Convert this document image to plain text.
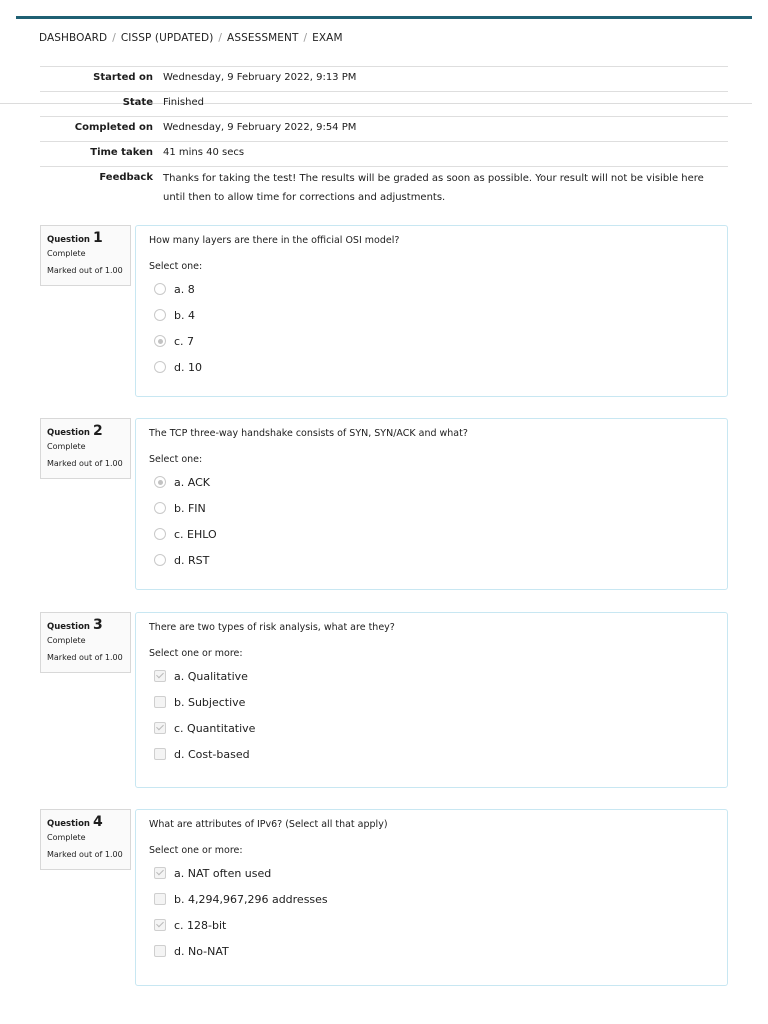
DASHBOARD / CISSP (UPDATED) / ASSESSMENT / EXAM
Started on	Wednesday, 9 February 2022, 9:13 PM
State	Finished
Completed on	Wednesday, 9 February 2022, 9:54 PM
Time taken	41 mins 40 secs
Feedback	Thanks for taking the test! The results will be graded as soon as possible. Your result will not be visible here until then to allow time for corrections and adjustments.
Question 1
Complete
Marked out of 1.00
How many layers are there in the official OSI model?
Select one:
a. 8
b. 4
c. 7
d. 10
Question 2
Complete
Marked out of 1.00
The TCP three-way handshake consists of SYN, SYN/ACK and what?
Select one:
a. ACK
b. FIN
c. EHLO
d. RST
Question 3
Complete
Marked out of 1.00
There are two types of risk analysis, what are they?
Select one or more:
a. Qualitative
b. Subjective
c. Quantitative
d. Cost-based
Question 4
Complete
Marked out of 1.00
What are attributes of IPv6? (Select all that apply)
Select one or more:
a. NAT often used
b. 4,294,967,296 addresses
c. 128-bit
d. No-NAT
